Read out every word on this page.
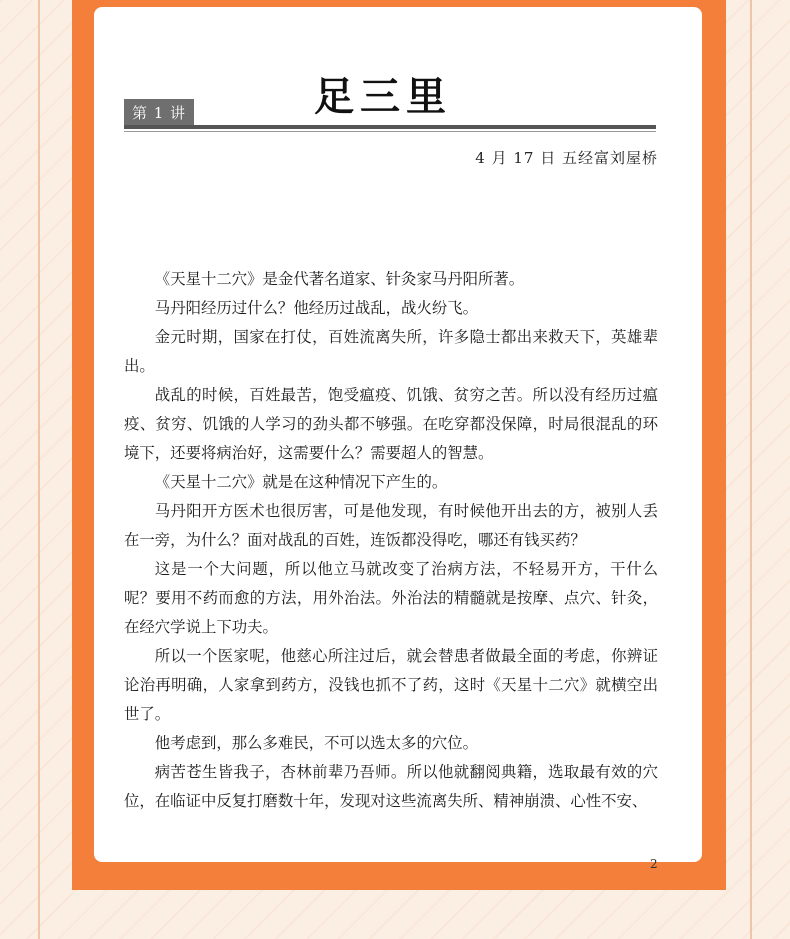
第 1 讲	足三里
4 月 17 日 五经富刘屋桥

《天星十二穴》是金代著名道家、针灸家马丹阳所著。

马丹阳经历过什么？他经历过战乱，战火纷飞。

金元时期，国家在打仗，百姓流离失所，许多隐士都出来救天下，英雄辈出。

战乱的时候，百姓最苦，饱受瘟疫、饥饿、贫穷之苦。所以没有经历过瘟疫、贫穷、饥饿的人学习的劲头都不够强。在吃穿都没保障，时局很混乱的环境下，还要将病治好，这需要什么？需要超人的智慧。

《天星十二穴》就是在这种情况下产生的。

马丹阳开方医术也很厉害，可是他发现，有时候他开出去的方，被别人丢在一旁，为什么？面对战乱的百姓，连饭都没得吃，哪还有钱买药？

这是一个大问题，所以他立马就改变了治病方法，不轻易开方，干什么呢？要用不药而愈的方法，用外治法。外治法的精髓就是按摩、点穴、针灸，在经穴学说上下功夫。

所以一个医家呢，他慈心所注过后，就会替患者做最全面的考虑，你辨证论治再明确，人家拿到药方，没钱也抓不了药，这时《天星十二穴》就横空出世了。

他考虑到，那么多难民，不可以选太多的穴位。

病苦苍生皆我子，杏林前辈乃吾师。所以他就翻阅典籍，选取最有效的穴位，在临证中反复打磨数十年，发现对这些流离失所、精神崩溃、心性不安、

2
